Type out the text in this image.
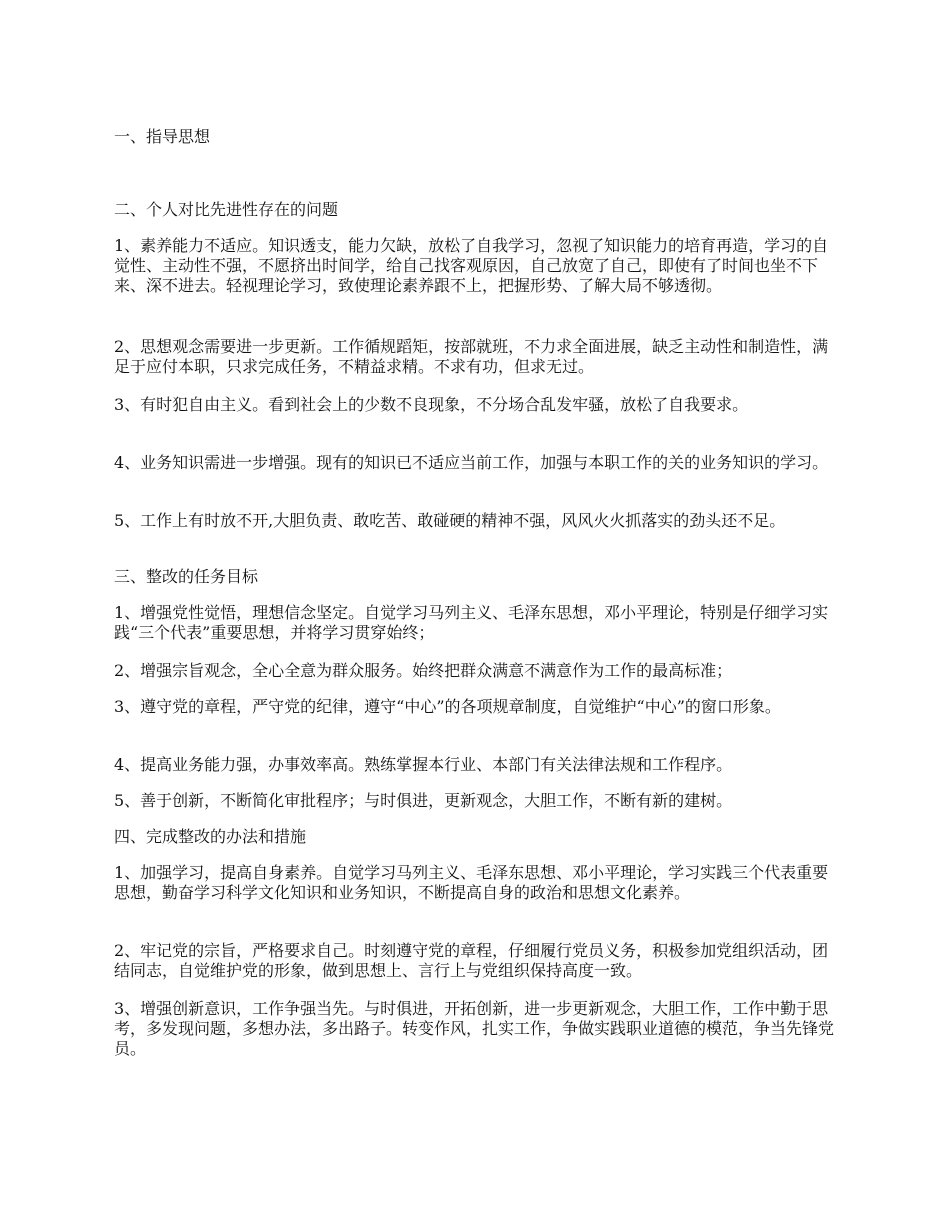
一、指导思想

二、个人对比先进性存在的问题

1、素养能力不适应。知识透支，能力欠缺，放松了自我学习，忽视了知识能力的培育再造，学习的自觉性、主动性不强，不愿挤出时间学，给自己找客观原因，自己放宽了自己，即使有了时间也坐不下来、深不进去。轻视理论学习，致使理论素养跟不上，把握形势、了解大局不够透彻。

2、思想观念需要进一步更新。工作循规蹈矩，按部就班，不力求全面进展，缺乏主动性和制造性，满足于应付本职，只求完成任务，不精益求精。不求有功，但求无过。

3、有时犯自由主义。看到社会上的少数不良现象，不分场合乱发牢骚，放松了自我要求。

4、业务知识需进一步增强。现有的知识已不适应当前工作，加强与本职工作的关的业务知识的学习。

5、工作上有时放不开,大胆负责、敢吃苦、敢碰硬的精神不强，风风火火抓落实的劲头还不足。

三、整改的任务目标

1、增强党性觉悟，理想信念坚定。自觉学习马列主义、毛泽东思想，邓小平理论，特别是仔细学习实践“三个代表”重要思想，并将学习贯穿始终；

2、增强宗旨观念，全心全意为群众服务。始终把群众满意不满意作为工作的最高标准；

3、遵守党的章程，严守党的纪律，遵守“中心”的各项规章制度，自觉维护“中心”的窗口形象。

4、提高业务能力强，办事效率高。熟练掌握本行业、本部门有关法律法规和工作程序。

5、善于创新，不断简化审批程序；与时俱进，更新观念，大胆工作，不断有新的建树。

四、完成整改的办法和措施

1、加强学习，提高自身素养。自觉学习马列主义、毛泽东思想、邓小平理论，学习实践三个代表重要思想，勤奋学习科学文化知识和业务知识，不断提高自身的政治和思想文化素养。

2、牢记党的宗旨，严格要求自己。时刻遵守党的章程，仔细履行党员义务，积极参加党组织活动，团结同志，自觉维护党的形象，做到思想上、言行上与党组织保持高度一致。

3、增强创新意识，工作争强当先。与时俱进，开拓创新，进一步更新观念，大胆工作，工作中勤于思考，多发现问题，多想办法，多出路子。转变作风，扎实工作，争做实践职业道德的模范，争当先锋党员。
